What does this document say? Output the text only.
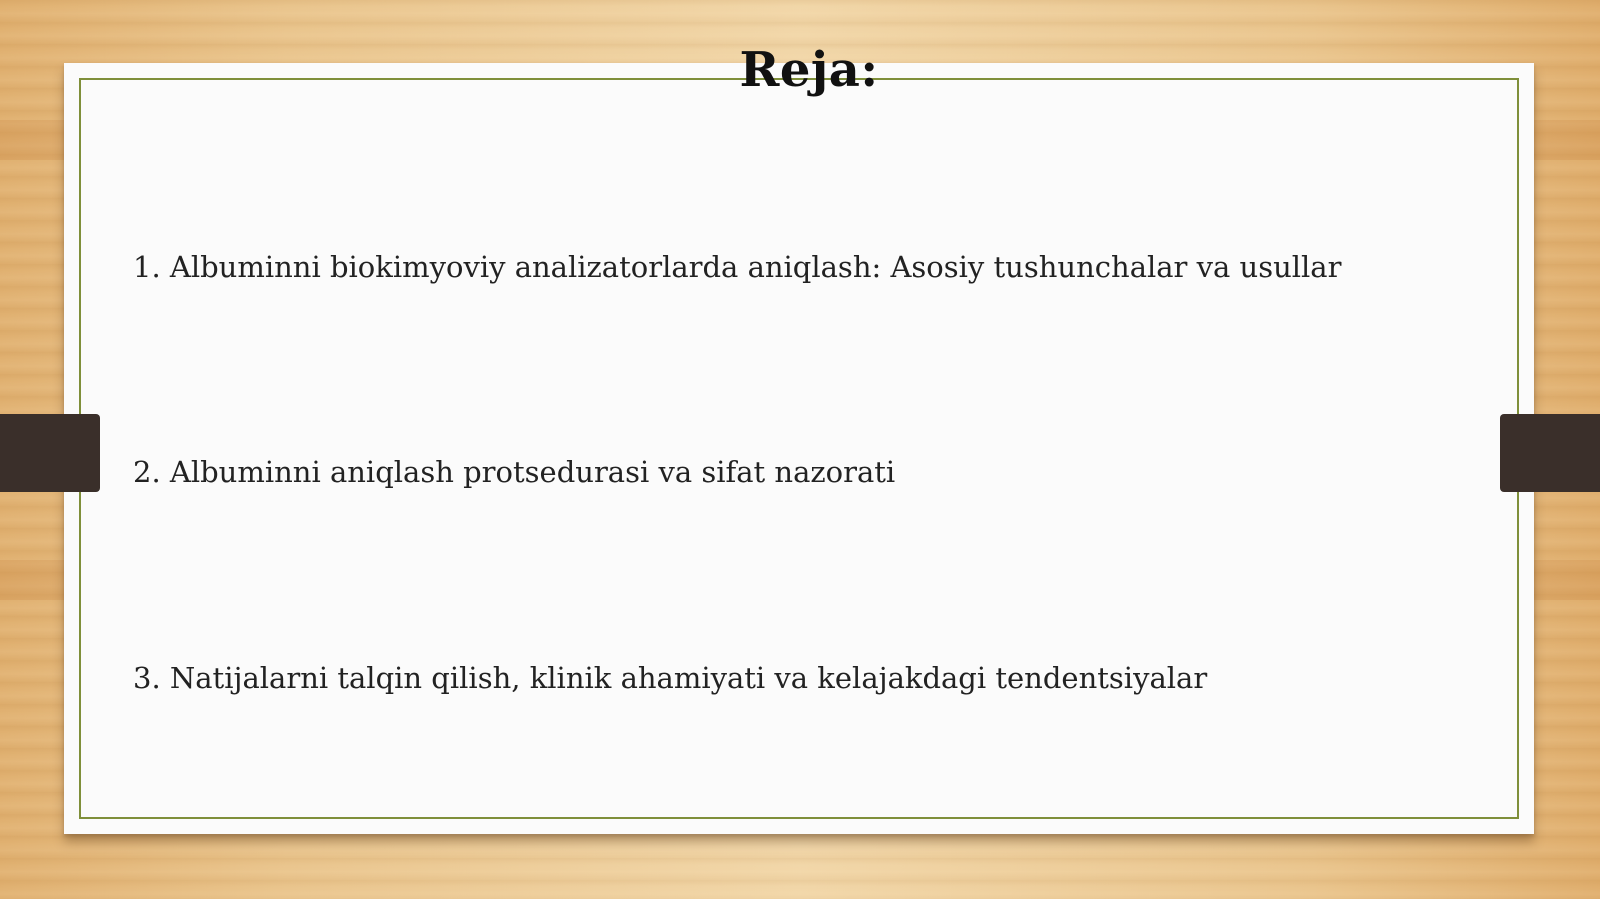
Reja:

1. Albuminni biokimyoviy analizatorlarda aniqlash: Asosiy tushunchalar va usullar

2. Albuminni aniqlash protsedurasi va sifat nazorati

3. Natijalarni talqin qilish, klinik ahamiyati va kelajakdagi tendentsiyalar
